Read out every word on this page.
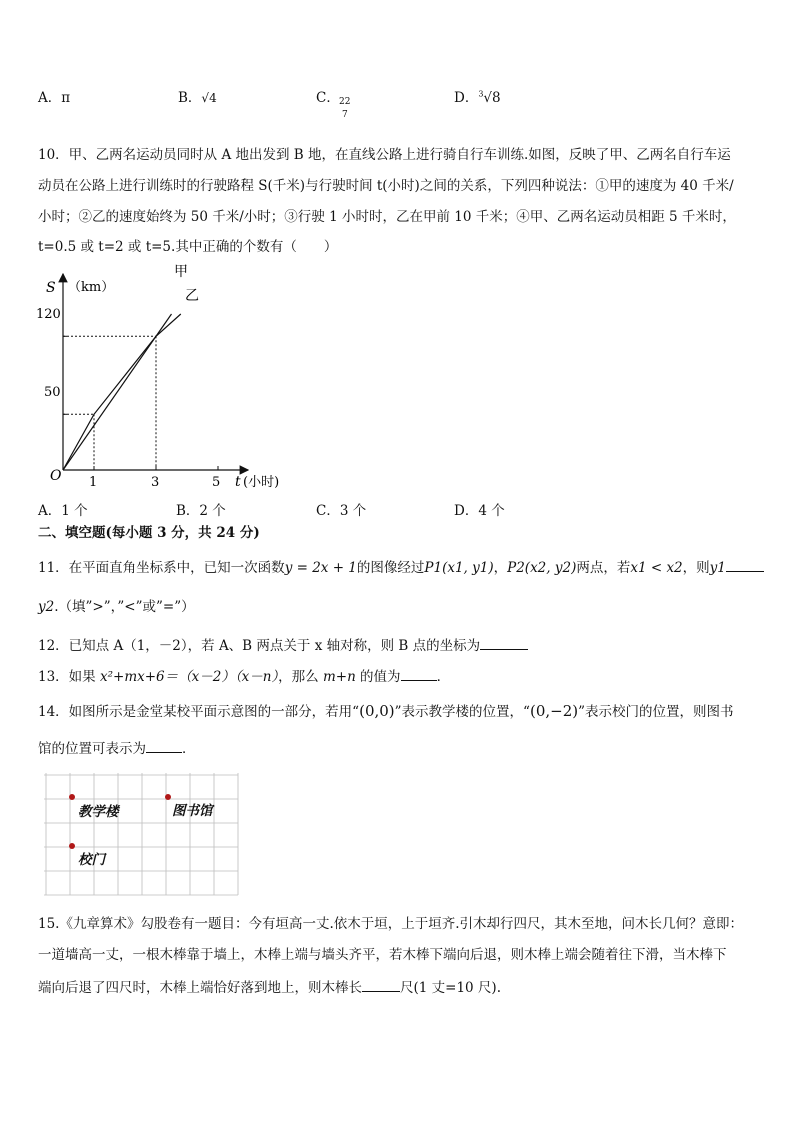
A．π	B．√4	C． 22
7
D．$^3$√8
10．甲、乙两名运动员同时从 A 地出发到 B 地，在直线公路上进行骑自行车训练.如图，反映了甲、乙两名自行车运
动员在公路上进行训练时的行驶路程 S(千米)与行驶时间 t(小时)之间的关系，下列四种说法：①甲的速度为 40 千米/
小时；②乙的速度始终为 50 千米/小时；③行驶 1 小时时，乙在甲前 10 千米；④甲、乙两名运动员相距 5 千米时，
t=0.5 或 t=2 或 t=5.其中正确的个数有（　　）
S （km）
t (小时)
O 1	3	5
120
50
甲
乙
A．1 个	B．2 个	C．3 个	D．4 个
二、填空题(每小题 3 分，共 24 分)
11．在平面直角坐标系中，已知一次函数y = 2x + 1的图像经过P1(x1, y1)，P2(x2, y2)两点，若x1 < x2，则y1
y2.（填”>”，”<”或”=”）
12．已知点 A（1，－2），若 A、B 两点关于 x 轴对称，则 B 点的坐标为
13．如果 x²+mx+6＝（x－2）（x－n），那么 m+n 的值为	．
14．如图所示是金堂某校平面示意图的一部分，若用“(0,0)”表示教学楼的位置，“(0,−2)”表示校门的位置，则图书
馆的位置可表示为	．
教学楼	图书馆
校门
15.《九章算术》勾股卷有一题目：今有垣高一丈.依木于垣，上于垣齐.引木却行四尺，其木至地，问木长几何？意即：
一道墙高一丈，一根木棒靠于墙上，木棒上端与墙头齐平，若木棒下端向后退，则木棒上端会随着往下滑，当木棒下
端向后退了四尺时，木棒上端恰好落到地上，则木棒长	尺(1 丈=10 尺).
